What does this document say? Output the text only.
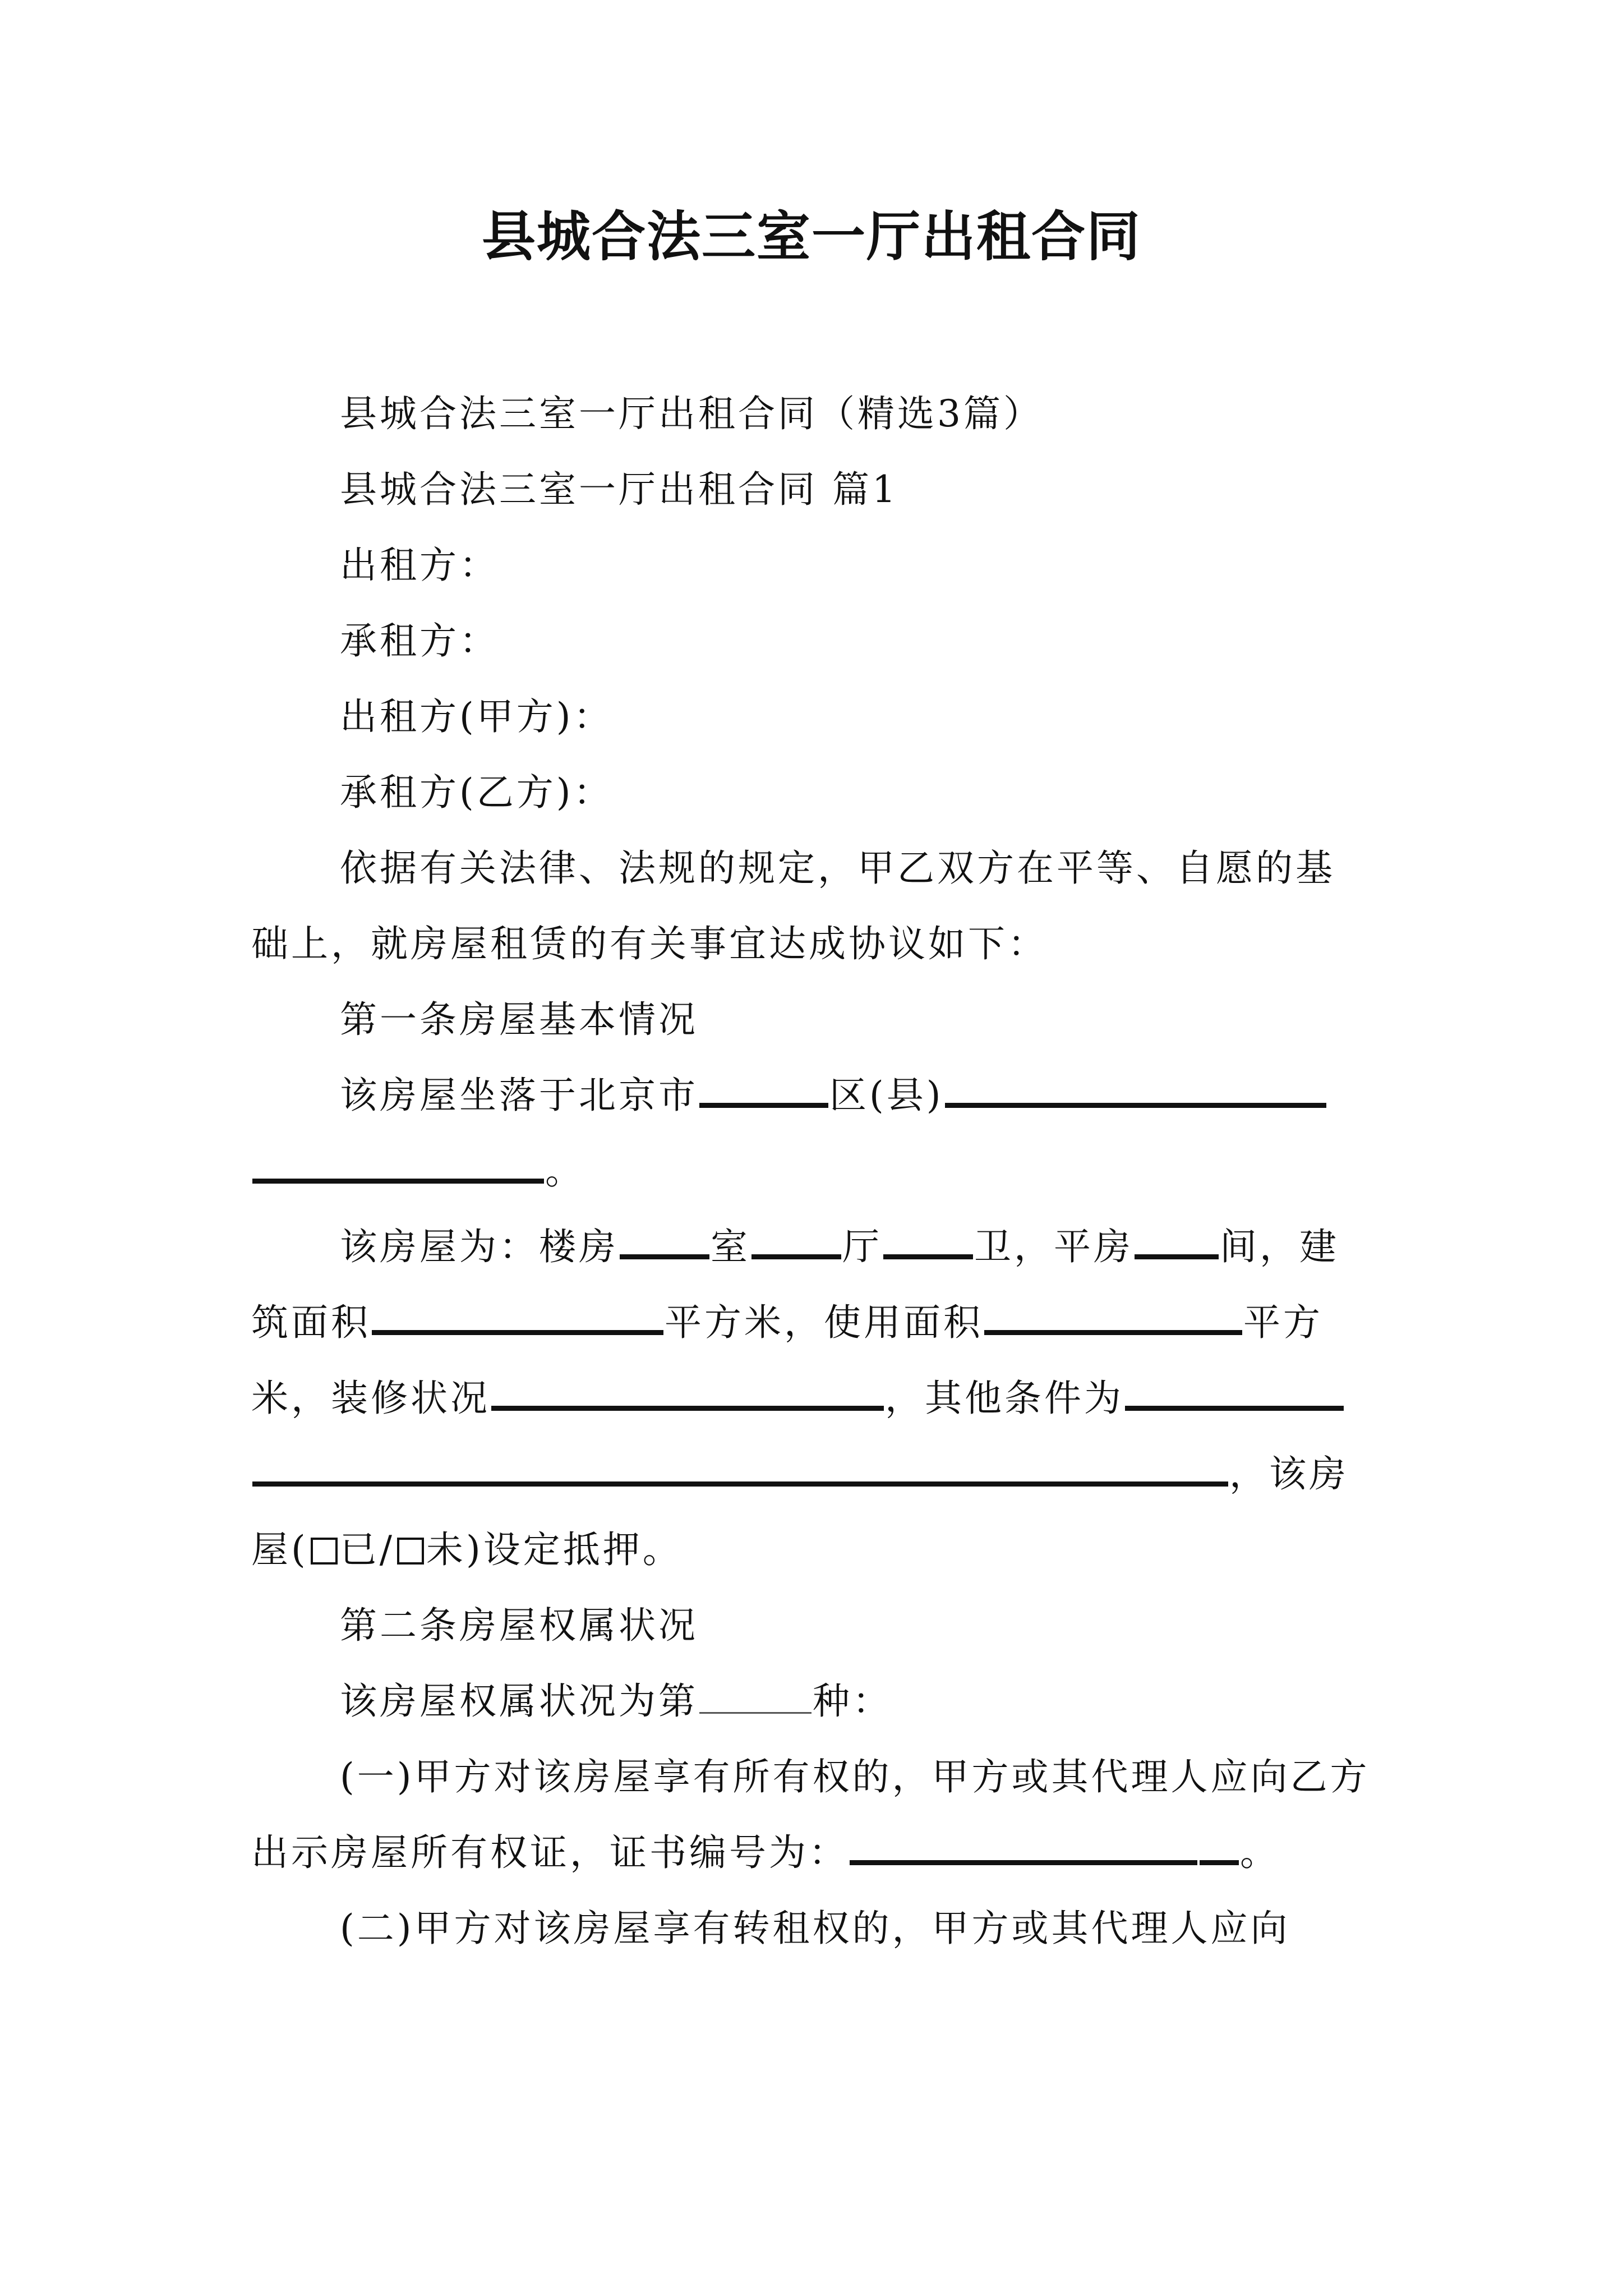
县城合法三室一厅出租合同

县城合法三室一厅出租合同（精选3篇）

县城合法三室一厅出租合同 篇1

出租方：

承租方：

出租方(甲方)：

承租方(乙方)：

依据有关法律、法规的规定，甲乙双方在平等、自愿的基础上，就房屋租赁的有关事宜达成协议如下：

第一条房屋基本情况

该房屋坐落于北京市	区(县)。

该房屋为：楼房 室 厅 卫，平房 间，建筑面积	平方米，使用面积	平方米，装修状况	，其他条件为，该房屋( 已/ 未)设定抵押。

第二条房屋权属状况

该房屋权属状况为第	种：

(一)甲方对该房屋享有所有权的，甲方或其代理人应向乙方出示房屋所有权证，证书编号为：	。

(二)甲方对该房屋享有转租权的，甲方或其代理人应向
